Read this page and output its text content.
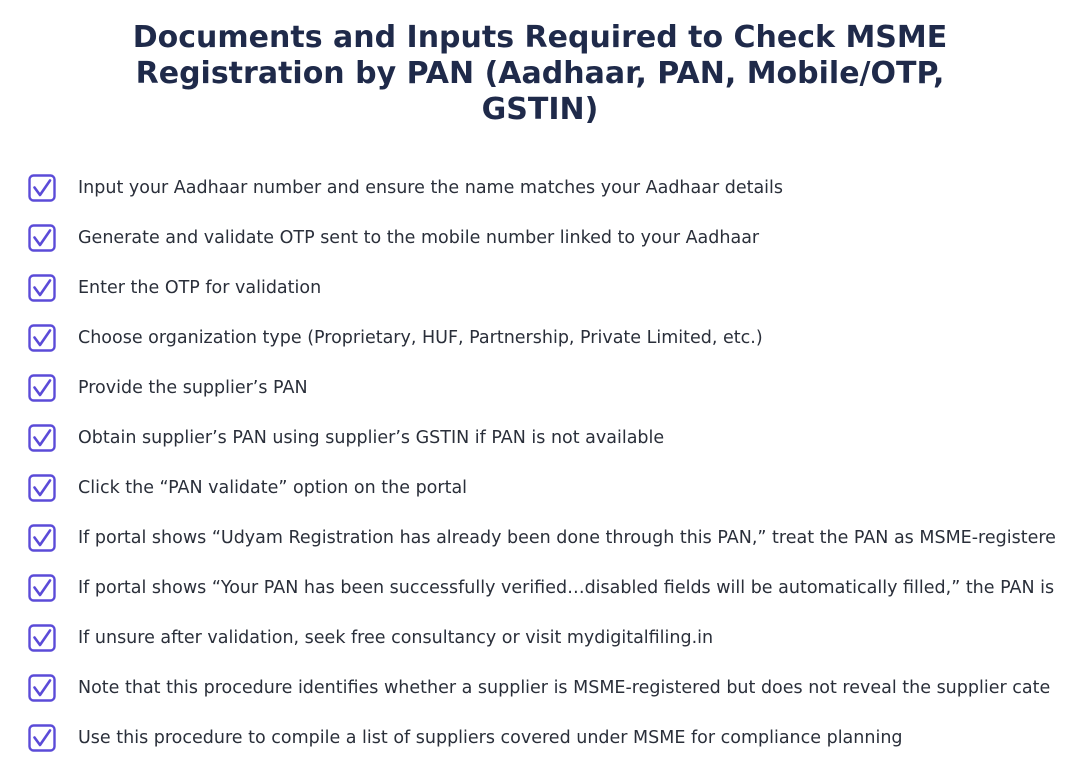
Documents and Inputs Required to Check MSME
Registration by PAN (Aadhaar, PAN, Mobile/OTP,
GSTIN)
Input your Aadhaar number and ensure the name matches your Aadhaar details
Generate and validate OTP sent to the mobile number linked to your Aadhaar
Enter the OTP for validation
Choose organization type (Proprietary, HUF, Partnership, Private Limited, etc.)
Provide the supplier’s PAN
Obtain supplier’s PAN using supplier’s GSTIN if PAN is not available
Click the “PAN validate” option on the portal
If portal shows “Udyam Registration has already been done through this PAN,” treat the PAN as MSME-registere
If portal shows “Your PAN has been successfully verified…disabled fields will be automatically filled,” the PAN is
If unsure after validation, seek free consultancy or visit mydigitalfiling.in
Note that this procedure identifies whether a supplier is MSME-registered but does not reveal the supplier cate
Use this procedure to compile a list of suppliers covered under MSME for compliance planning
